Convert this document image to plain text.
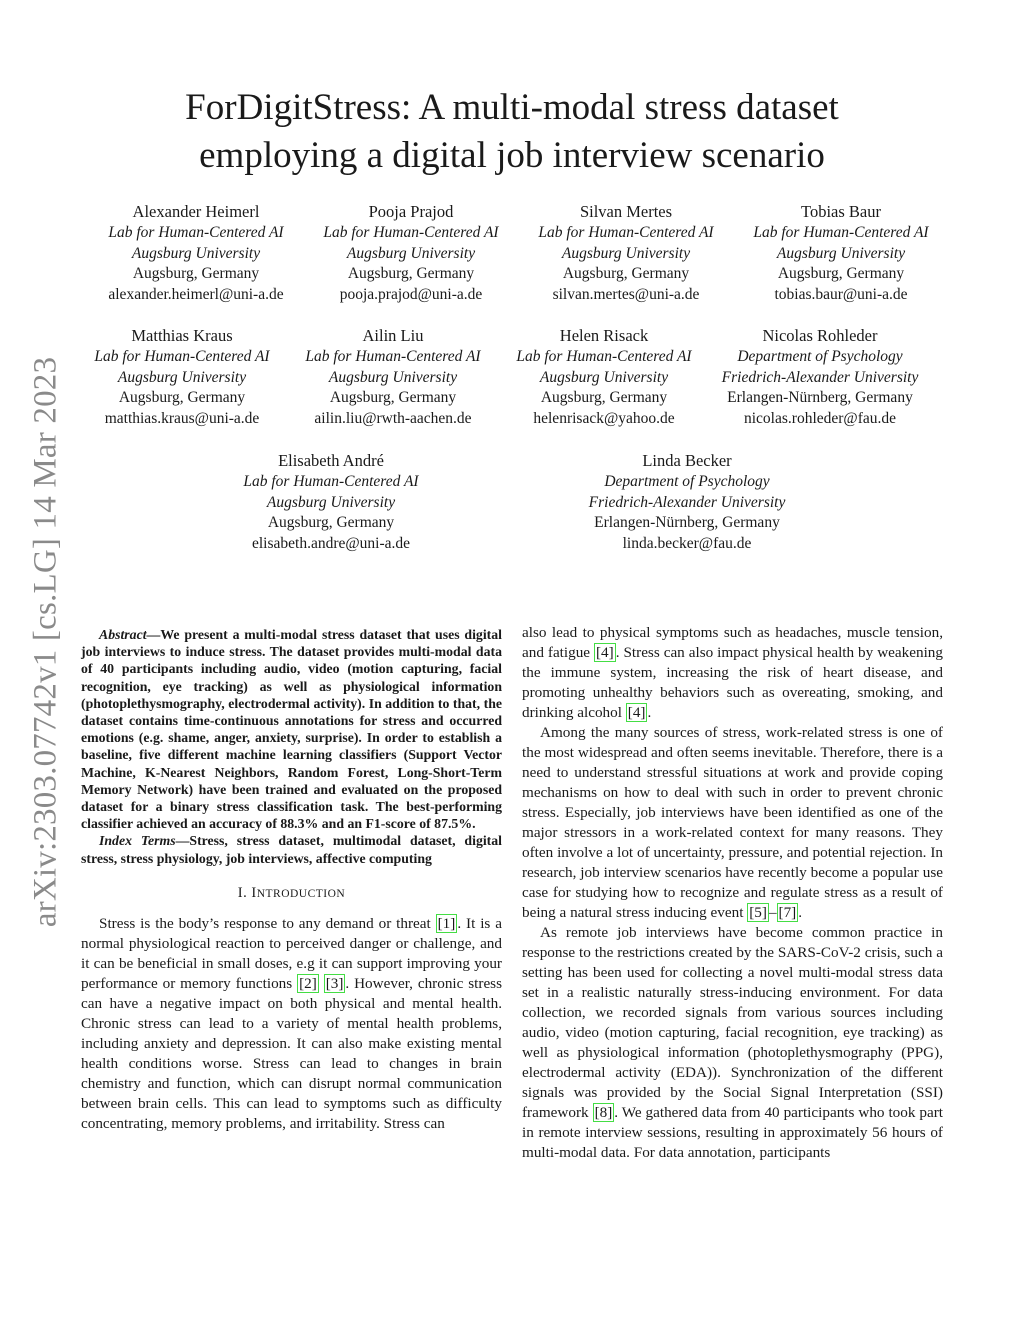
arXiv:2303.07742v1 [cs.LG] 14 Mar 2023
ForDigitStress: A multi-modal stress dataset
employing a digital job interview scenario
Alexander Heimerl
Lab for Human-Centered AI
Augsburg University
Augsburg, Germany
alexander.heimerl@uni-a.de
Pooja Prajod
Lab for Human-Centered AI
Augsburg University
Augsburg, Germany
pooja.prajod@uni-a.de
Silvan Mertes
Lab for Human-Centered AI
Augsburg University
Augsburg, Germany
silvan.mertes@uni-a.de
Tobias Baur
Lab for Human-Centered AI
Augsburg University
Augsburg, Germany
tobias.baur@uni-a.de
Matthias Kraus
Lab for Human-Centered AI
Augsburg University
Augsburg, Germany
matthias.kraus@uni-a.de
Ailin Liu
Lab for Human-Centered AI
Augsburg University
Augsburg, Germany
ailin.liu@rwth-aachen.de
Helen Risack
Lab for Human-Centered AI
Augsburg University
Augsburg, Germany
helenrisack@yahoo.de
Nicolas Rohleder
Department of Psychology
Friedrich-Alexander University
Erlangen-Nürnberg, Germany
nicolas.rohleder@fau.de
Elisabeth André
Lab for Human-Centered AI
Augsburg University
Augsburg, Germany
elisabeth.andre@uni-a.de
Linda Becker
Department of Psychology
Friedrich-Alexander University
Erlangen-Nürnberg, Germany
linda.becker@fau.de

Abstract—We present a multi-modal stress dataset that uses digital job interviews to induce stress. The dataset provides multi-modal data of 40 participants including audio, video (motion capturing, facial recognition, eye tracking) as well as physiological information (photoplethysmography, electrodermal activity). In addition to that, the dataset contains time-continuous annotations for stress and occurred emotions (e.g. shame, anger, anxiety, surprise). In order to establish a baseline, five different machine learning classifiers (Support Vector Machine, K-Nearest Neighbors, Random Forest, Long-Short-Term Memory Network) have been trained and evaluated on the proposed dataset for a binary stress classification task. The best-performing classifier achieved an accuracy of 88.3% and an F1-score of 87.5%.

Index Terms—Stress, stress dataset, multimodal dataset, digital stress, stress physiology, job interviews, affective computing

I. INTRODUCTION

Stress is the body’s response to any demand or threat [1] . It is a normal physiological reaction to perceived danger or challenge, and it can be beneficial in small doses, e.g it can support improving your performance or memory functions [2] [3] . However, chronic stress can have a negative impact on both physical and mental health. Chronic stress can lead to a variety of mental health problems, including anxiety and depression. It can also make existing mental health conditions worse. Stress can lead to changes in brain chemistry and function, which can disrupt normal communication between brain cells. This can lead to symptoms such as difficulty concentrating, memory problems, and irritability. Stress can

also lead to physical symptoms such as headaches, muscle tension, and fatigue [4] . Stress can also impact physical health by weakening the immune system, increasing the risk of heart disease, and promoting unhealthy behaviors such as overeating, smoking, and drinking alcohol [4] .

Among the many sources of stress, work-related stress is one of the most widespread and often seems inevitable. Therefore, there is a need to understand stressful situations at work and provide coping mechanisms on how to deal with such in order to prevent chronic stress. Especially, job interviews have been identified as one of the major stressors in a work-related context for many reasons. They often involve a lot of uncertainty, pressure, and potential rejection. In research, job interview scenarios have recently become a popular use case for studying how to recognize and regulate stress as a result of being a natural stress inducing event [5] – [7] .

As remote job interviews have become common practice in response to the restrictions created by the SARS-CoV-2 crisis, such a setting has been used for collecting a novel multi-modal stress data set in a realistic naturally stress-inducing environment. For data collection, we recorded signals from various sources including audio, video (motion capturing, facial recognition, eye tracking) as well as physiological information (photoplethysmography (PPG), electrodermal activity (EDA)). Synchronization of the different signals was provided by the Social Signal Interpretation (SSI) framework [8] . We gathered data from 40 participants who took part in remote interview sessions, resulting in approximately 56 hours of multi-modal data. For data annotation, participants
